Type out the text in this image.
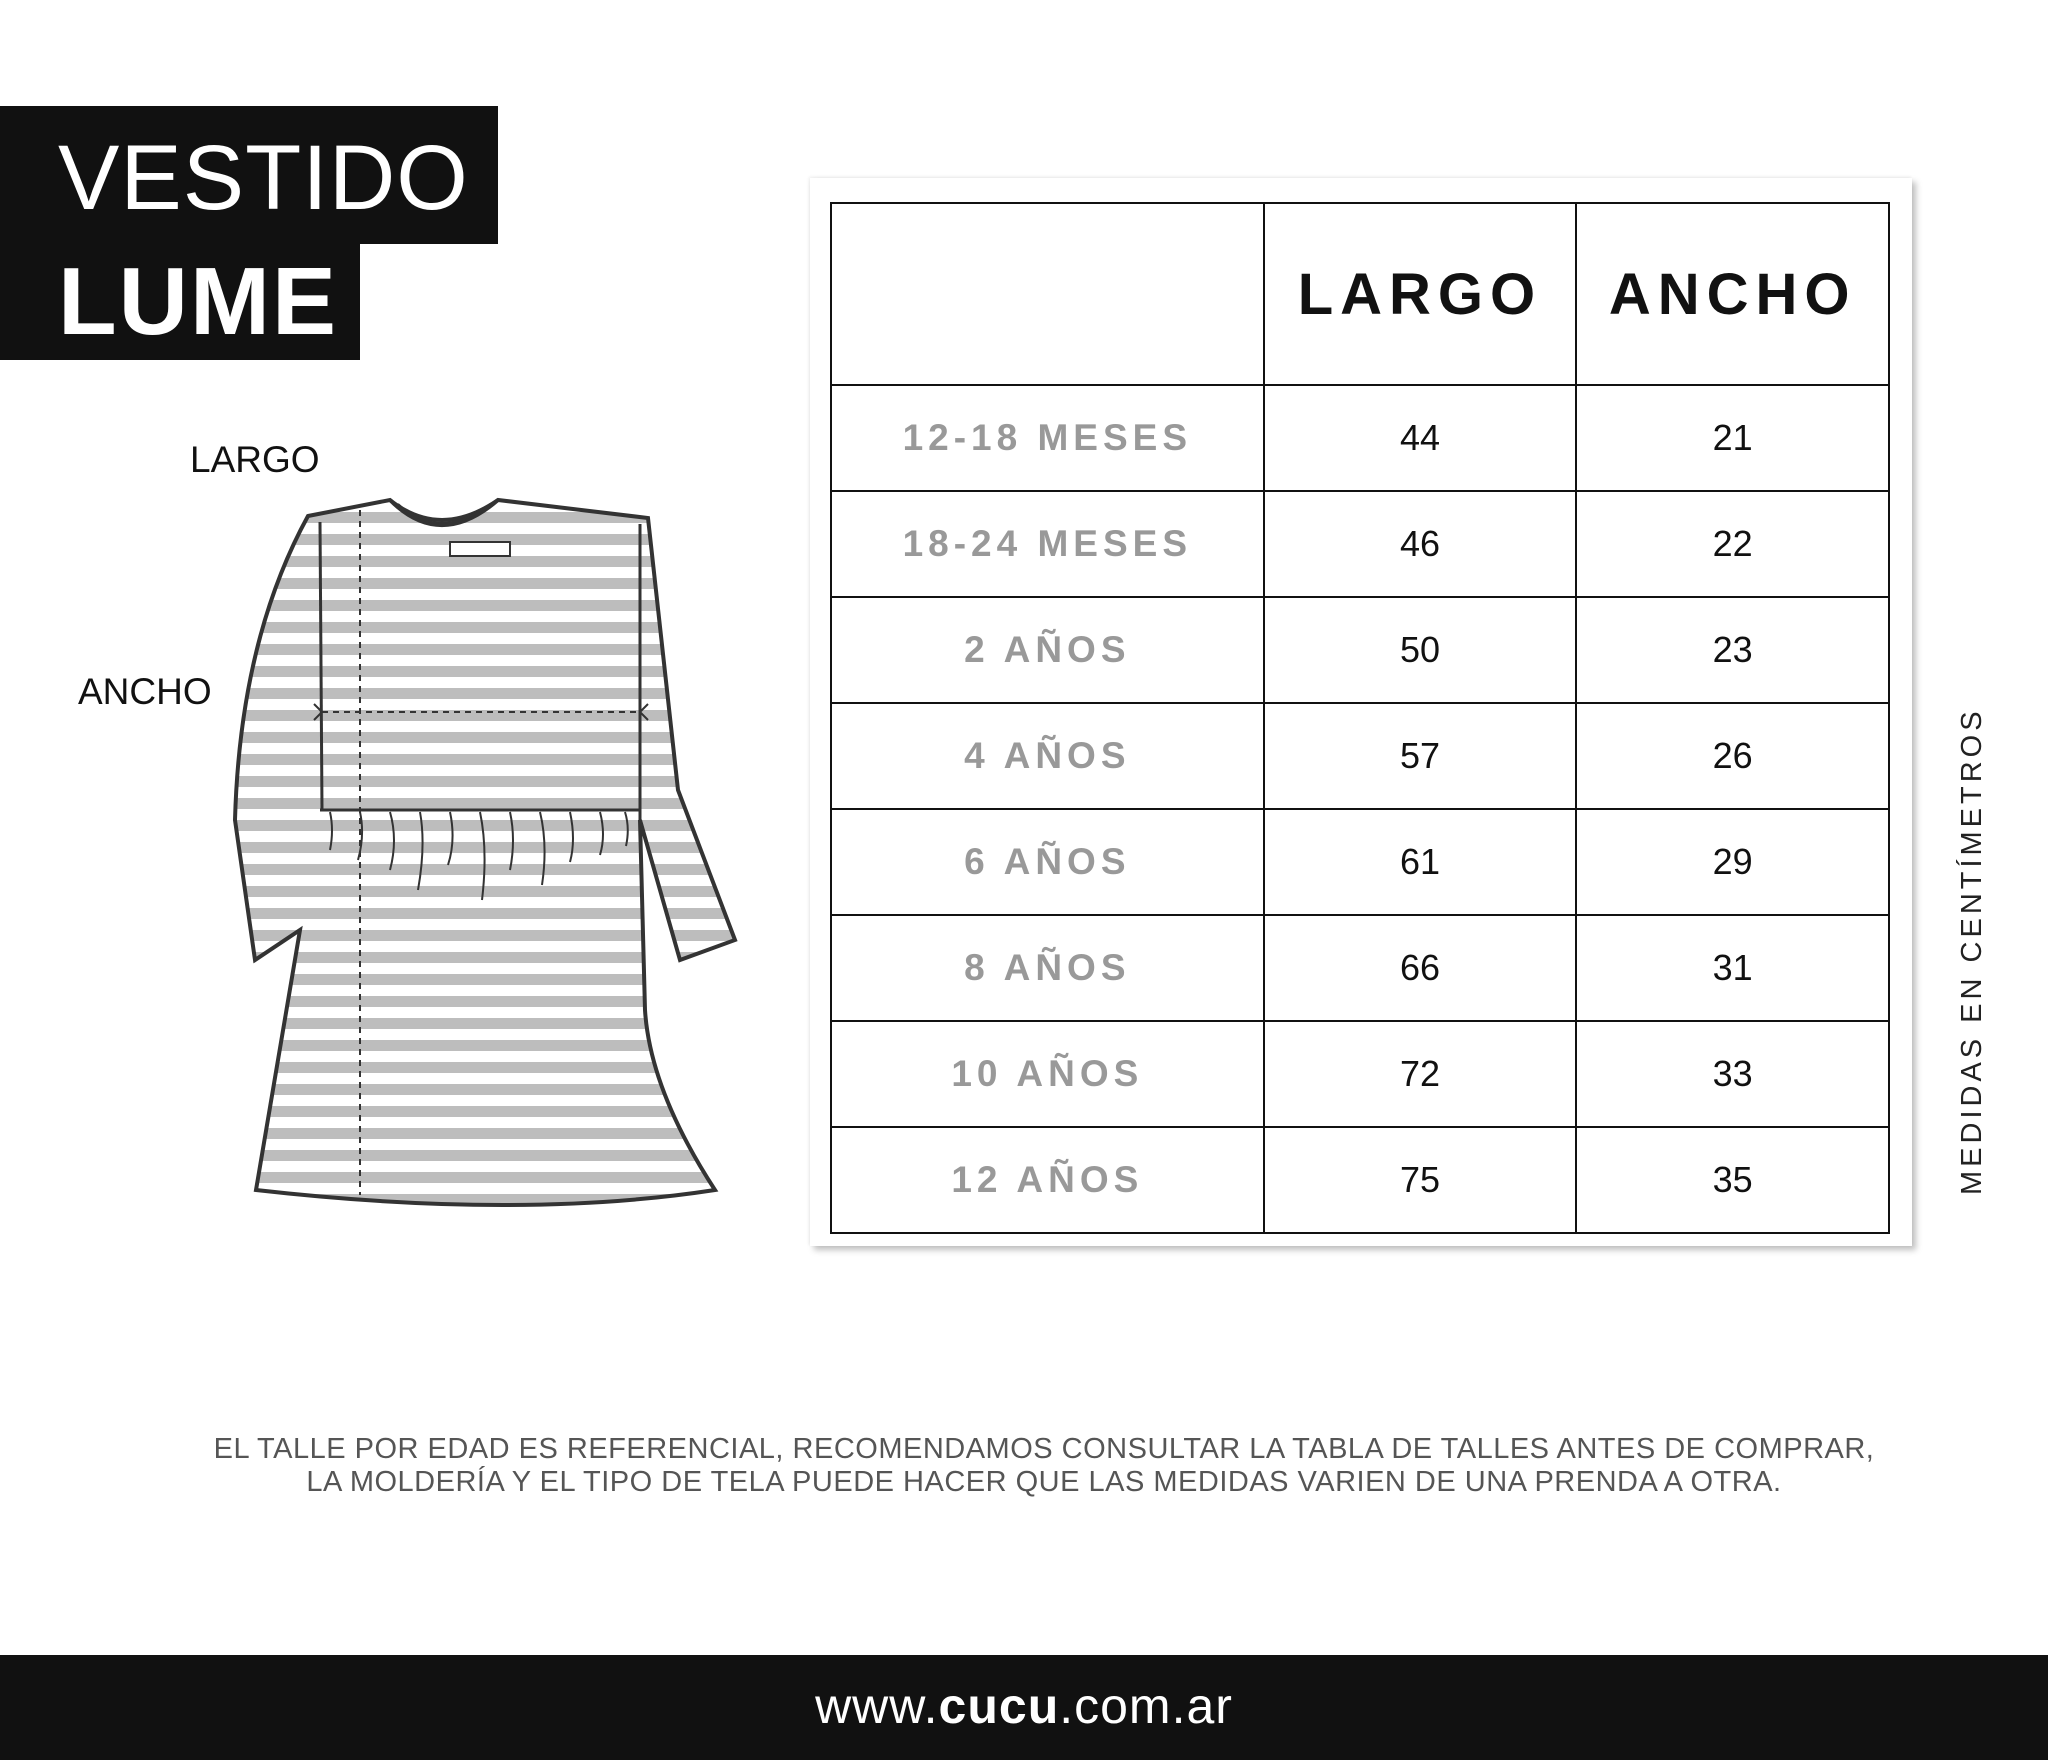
VESTIDO
LUME
LARGO
ANCHO
	LARGO	ANCHO
12-18 MESES	44	21
18-24 MESES	46	22
2 AÑOS	50	23
4 AÑOS	57	26
6 AÑOS	61	29
8 AÑOS	66	31
10 AÑOS	72	33
12 AÑOS	75	35	MEDIDAS EN CENTÍMETROS
EL TALLE POR EDAD ES REFERENCIAL, RECOMENDAMOS CONSULTAR LA TABLA DE TALLES ANTES DE COMPRAR,
LA MOLDERÍA Y EL TIPO DE TELA PUEDE HACER QUE LAS MEDIDAS VARIEN DE UNA PRENDA A OTRA.
www.cucu.com.ar
